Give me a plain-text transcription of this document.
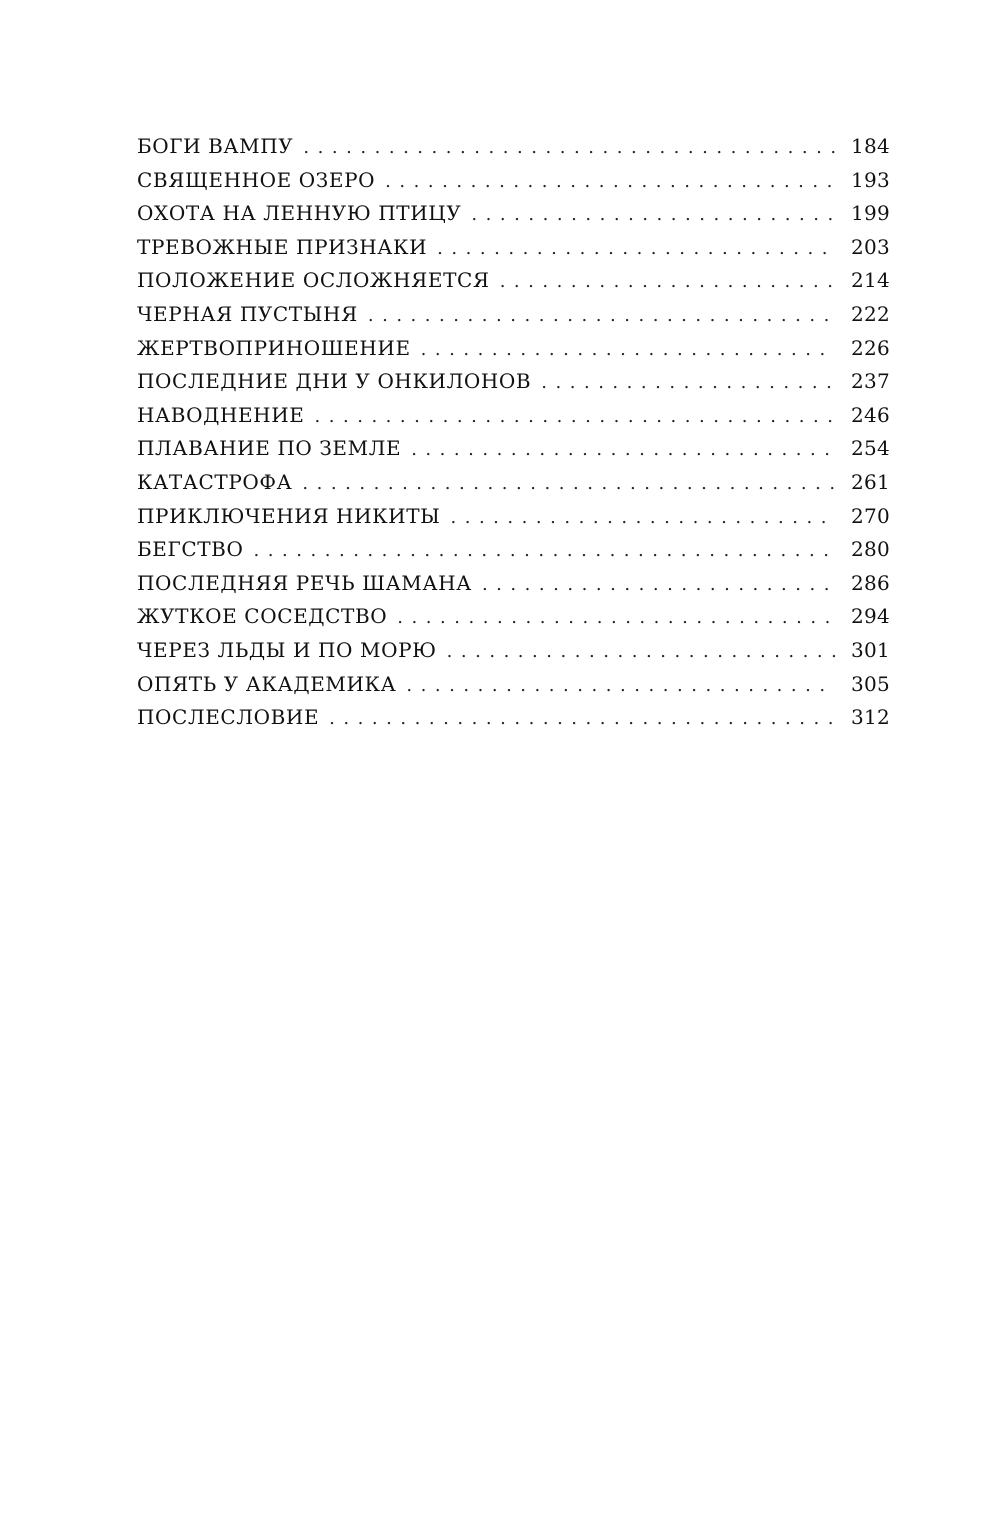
БОГИ ВАМПУ . . .	184
СВЯЩЕННОЕ ОЗЕРО . . .	193
ОХОТА НА ЛЕННУЮ ПТИЦУ . . .	199
ТРЕВОЖНЫЕ ПРИЗНАКИ . . .	203
ПОЛОЖЕНИЕ ОСЛОЖНЯЕТСЯ . . .	214
ЧЕРНАЯ ПУСТЫНЯ . . .	222
ЖЕРТВОПРИНОШЕНИЕ . . .	226
ПОСЛЕДНИЕ ДНИ У ОНКИЛОНОВ . . .	237
НАВОДНЕНИЕ . . .	246
ПЛАВАНИЕ ПО ЗЕМЛЕ . . .	254
КАТАСТРОФА . . .	261
ПРИКЛЮЧЕНИЯ НИКИТЫ . . .	270
БЕГСТВО . . .	280
ПОСЛЕДНЯЯ РЕЧЬ ШАМАНА . . .	286
ЖУТКОЕ СОСЕДСТВО . . .	294
ЧЕРЕЗ ЛЬДЫ И ПО МОРЮ . . .	301
ОПЯТЬ У АКАДЕМИКА . . .	305
ПОСЛЕСЛОВИЕ . . .	312
